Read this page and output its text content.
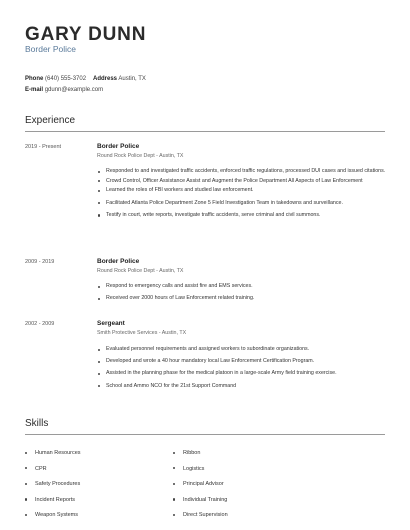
GARY DUNN
Border Police
Phone (640) 555-3702 Address Austin, TX
E-mail gdunn@example.com
Experience
2019 - Present	Border Police
Round Rock Police Dept - Austin, TX
Responded to and investigated traffic accidents, enforced traffic regulations, processed DUI cases and issued citations.
Crowd Control, Officer Assistance Assist and Augment the Police Department All Aspects of Law Enforcement
Learned the roles of FBI workers and studied law enforcement.
Facilitated Atlanta Police Department Zone 5 Field Investigation Team in takedowns and surveillance.
Testify in court, write reports, investigate traffic accidents, serve criminal and civil summons.
2009 - 2019	Border Police
Round Rock Police Dept - Austin, TX
Respond to emergency calls and assist fire and EMS services.
Received over 2000 hours of Law Enforcement related training.
2002 - 2009	Sergeant
Smith Protective Services - Austin, TX
Evaluated personnel requirements and assigned workers to subordinate organizations.
Developed and wrote a 40 hour mandatory local Law Enforcement Certification Program.
Assisted in the planning phase for the medical platoon in a large-scale Army field training exercise.
School and Ammo NCO for the 21st Support Command
Skills
Human Resources
CPR
Safety Procedures
Incident Reports
Weapon Systems
Ribbon
Logistics
Principal Advisor
Individual Training
Direct Supervision
